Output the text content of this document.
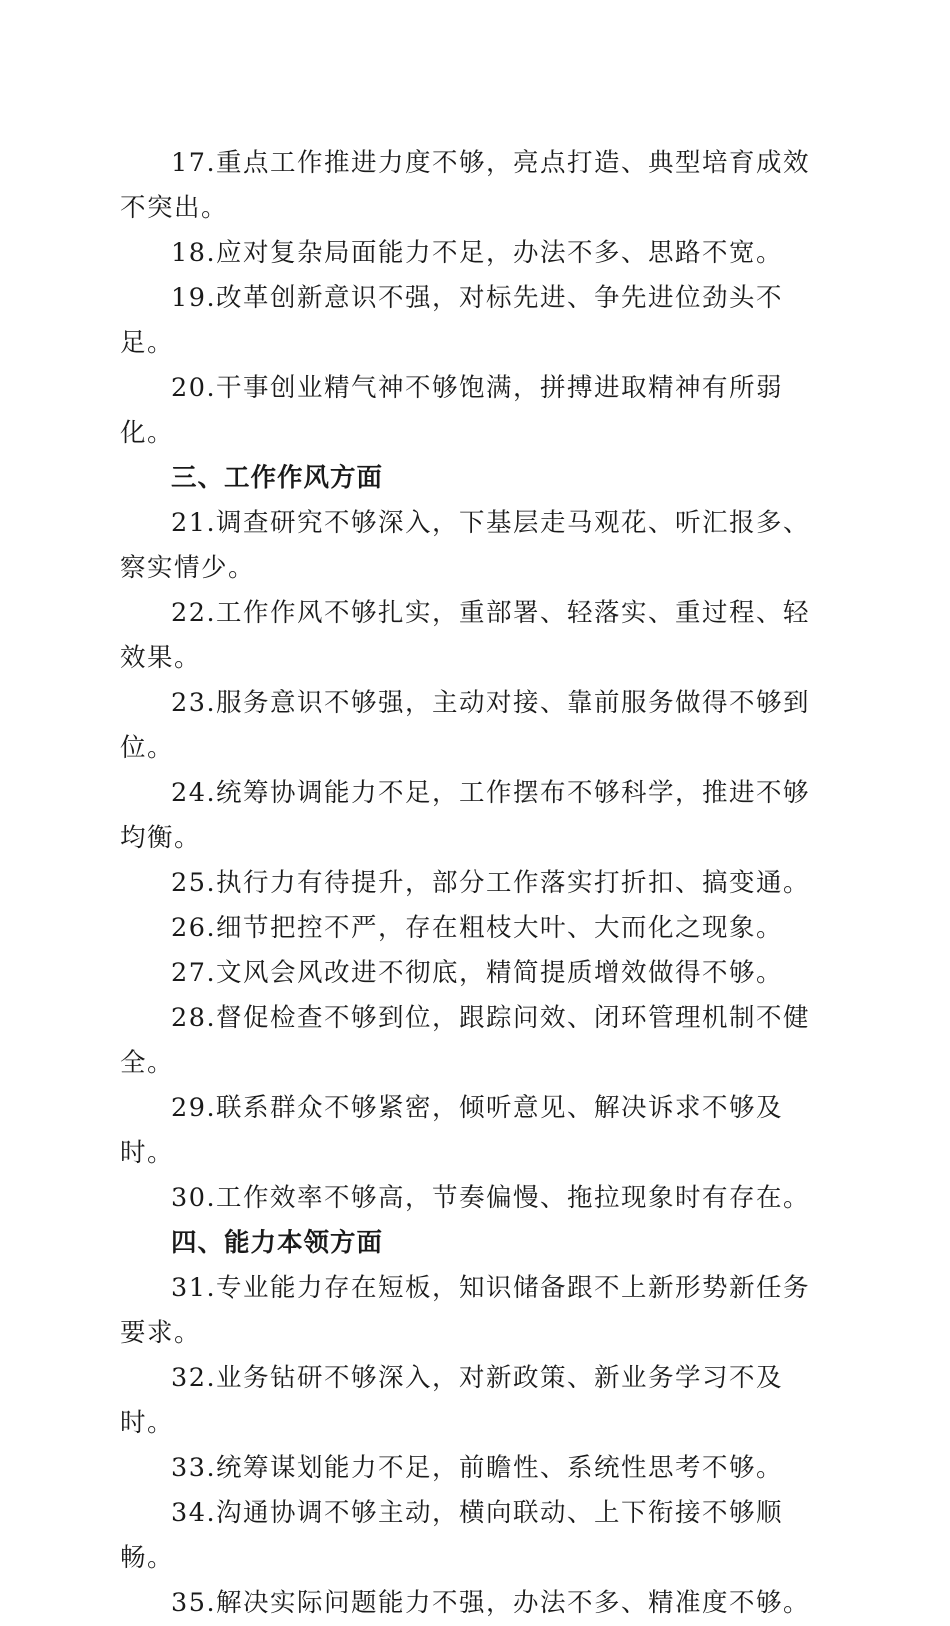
17.重点工作推进力度不够，亮点打造、典型培育成效不突出。

18.应对复杂局面能力不足，办法不多、思路不宽。

19.改革创新意识不强，对标先进、争先进位劲头不足。

20.干事创业精气神不够饱满，拼搏进取精神有所弱化。

三、工作作风方面

21.调查研究不够深入，下基层走马观花、听汇报多、察实情少。

22.工作作风不够扎实，重部署、轻落实、重过程、轻效果。

23.服务意识不够强，主动对接、靠前服务做得不够到位。

24.统筹协调能力不足，工作摆布不够科学，推进不够均衡。

25.执行力有待提升，部分工作落实打折扣、搞变通。

26.细节把控不严，存在粗枝大叶、大而化之现象。

27.文风会风改进不彻底，精简提质增效做得不够。

28.督促检查不够到位，跟踪问效、闭环管理机制不健全。

29.联系群众不够紧密，倾听意见、解决诉求不够及时。

30.工作效率不够高，节奏偏慢、拖拉现象时有存在。

四、能力本领方面

31.专业能力存在短板，知识储备跟不上新形势新任务要求。

32.业务钻研不够深入，对新政策、新业务学习不及时。

33.统筹谋划能力不足，前瞻性、系统性思考不够。

34.沟通协调不够主动，横向联动、上下衔接不够顺畅。

35.解决实际问题能力不强，办法不多、精准度不够。
